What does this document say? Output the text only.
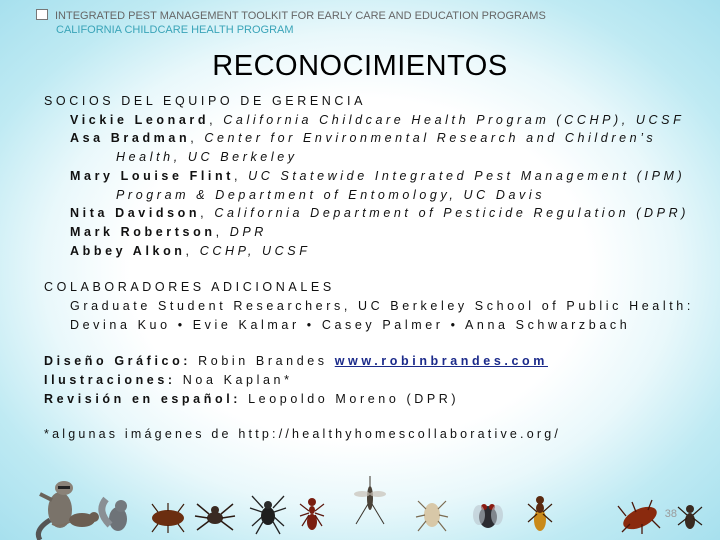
INTEGRATED PEST MANAGEMENT TOOLKIT FOR EARLY CARE AND EDUCATION PROGRAMS
CALIFORNIA CHILDCARE HEALTH PROGRAM
RECONOCIMIENTOS
SOCIOS DEL EQUIPO DE GERENCIA
Vickie Leonard, California Childcare Health Program (CCHP), UCSF
Asa Bradman, Center for Environmental Research and Children’s
Health, UC Berkeley
Mary Louise Flint, UC Statewide Integrated Pest Management (IPM)
Program & Department of Entomology, UC Davis
Nita Davidson, California Department of Pesticide Regulation (DPR)
Mark Robertson, DPR
Abbey Alkon, CCHP, UCSF
COLABORADORES ADICIONALES
Graduate Student Researchers, UC Berkeley School of Public Health:
Devina Kuo • Evie Kalmar • Casey Palmer • Anna Schwarzbach
Diseño Gráfico: Robin Brandes www.robinbrandes.com
Ilustraciones: Noa Kaplan*
Revisión en español: Leopoldo Moreno (DPR)
*algunas imágenes de http://healthyhomescollaborative.org/
38
